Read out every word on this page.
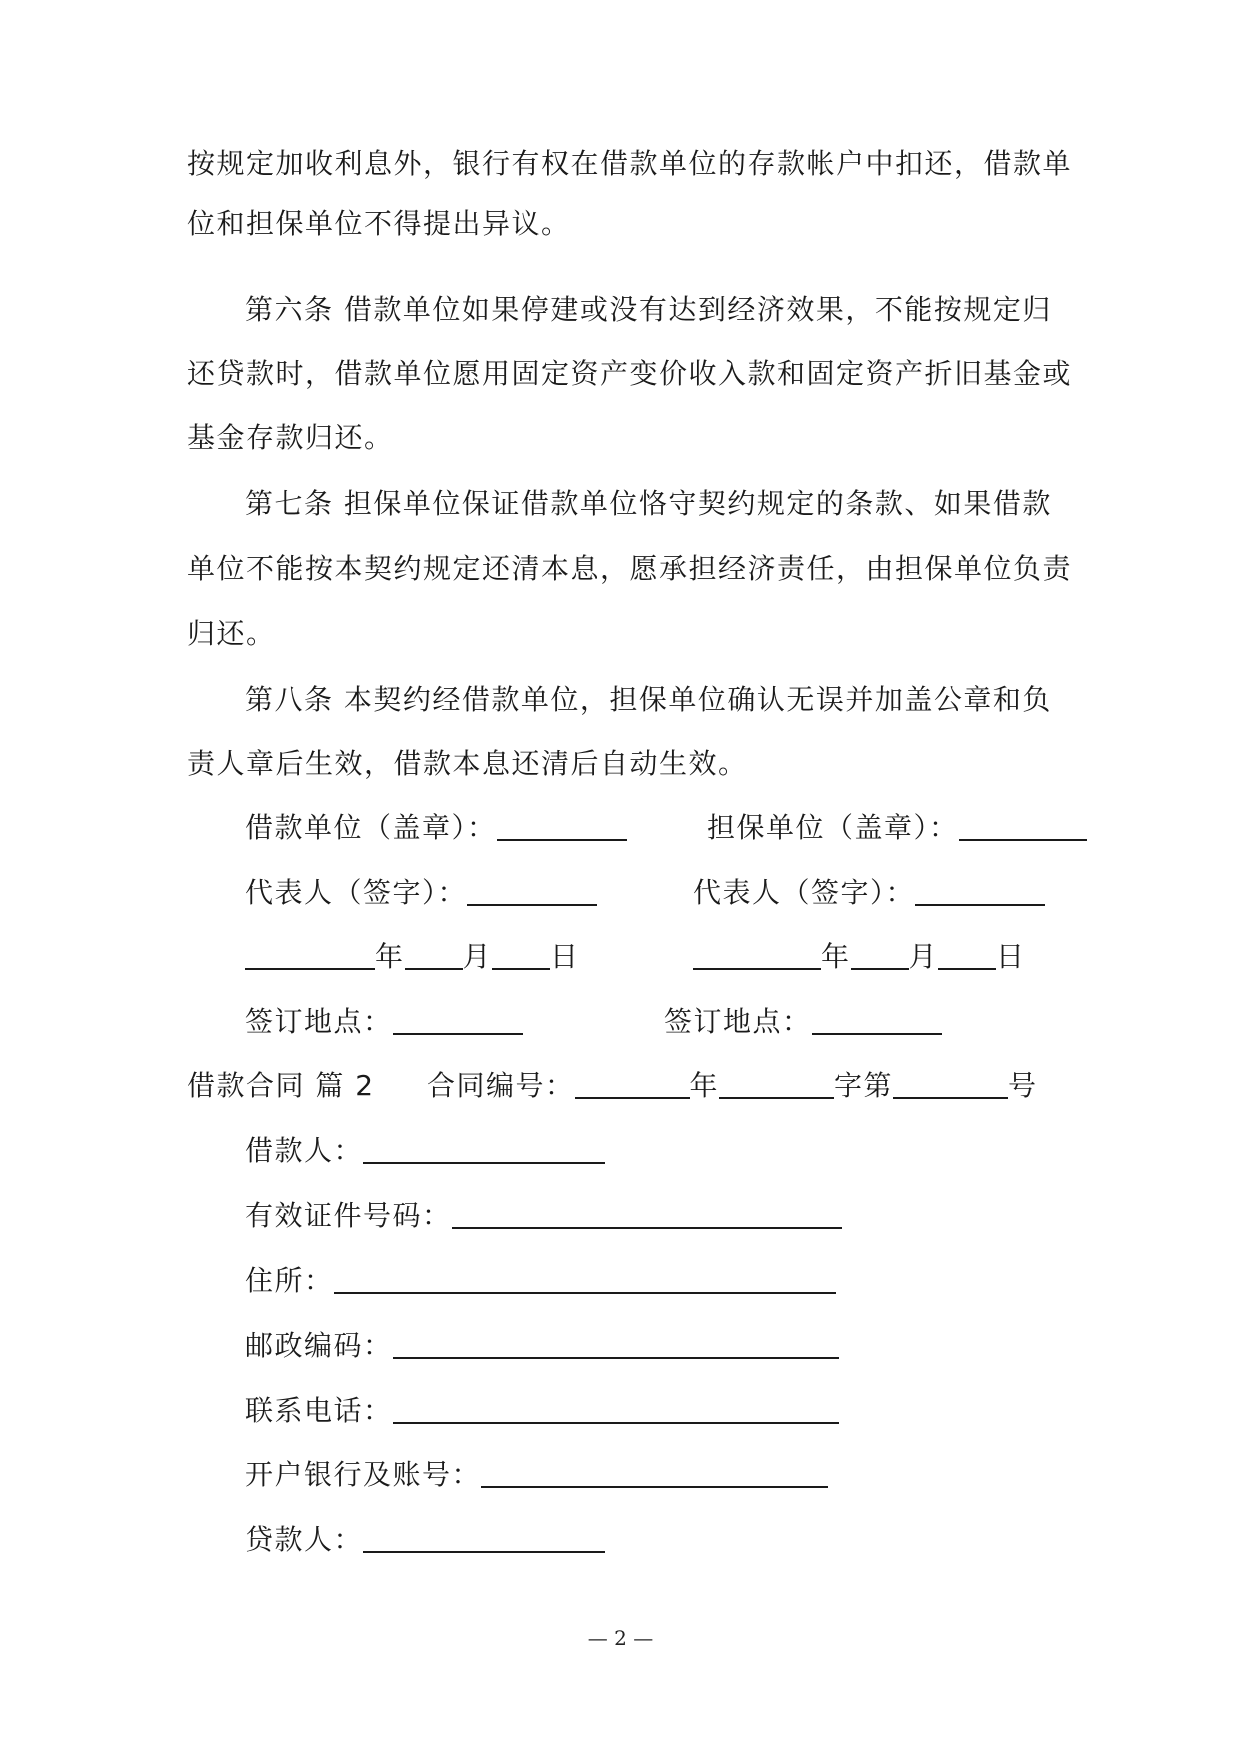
按规定加收利息外，银行有权在借款单位的存款帐户中扣还，借款单
位和担保单位不得提出异议。
第六条 借款单位如果停建或没有达到经济效果，不能按规定归
还贷款时，借款单位愿用固定资产变价收入款和固定资产折旧基金或
基金存款归还。
第七条 担保单位保证借款单位恪守契约规定的条款、如果借款
单位不能按本契约规定还清本息，愿承担经济责任，由担保单位负责
归还。
第八条 本契约经借款单位，担保单位确认无误并加盖公章和负
责人章后生效，借款本息还清后自动生效。
借款单位（盖章）：	担保单位（盖章）：
代表人（签字）：	代表人（签字）：
年 月 日	年 月 日
签订地点：	签订地点：
借款合同 篇 2 合同编号：	年	字第	号
借款人：
有效证件号码：
住所：
邮政编码：
联系电话：
开户银行及账号：
贷款人：
— 2 —
